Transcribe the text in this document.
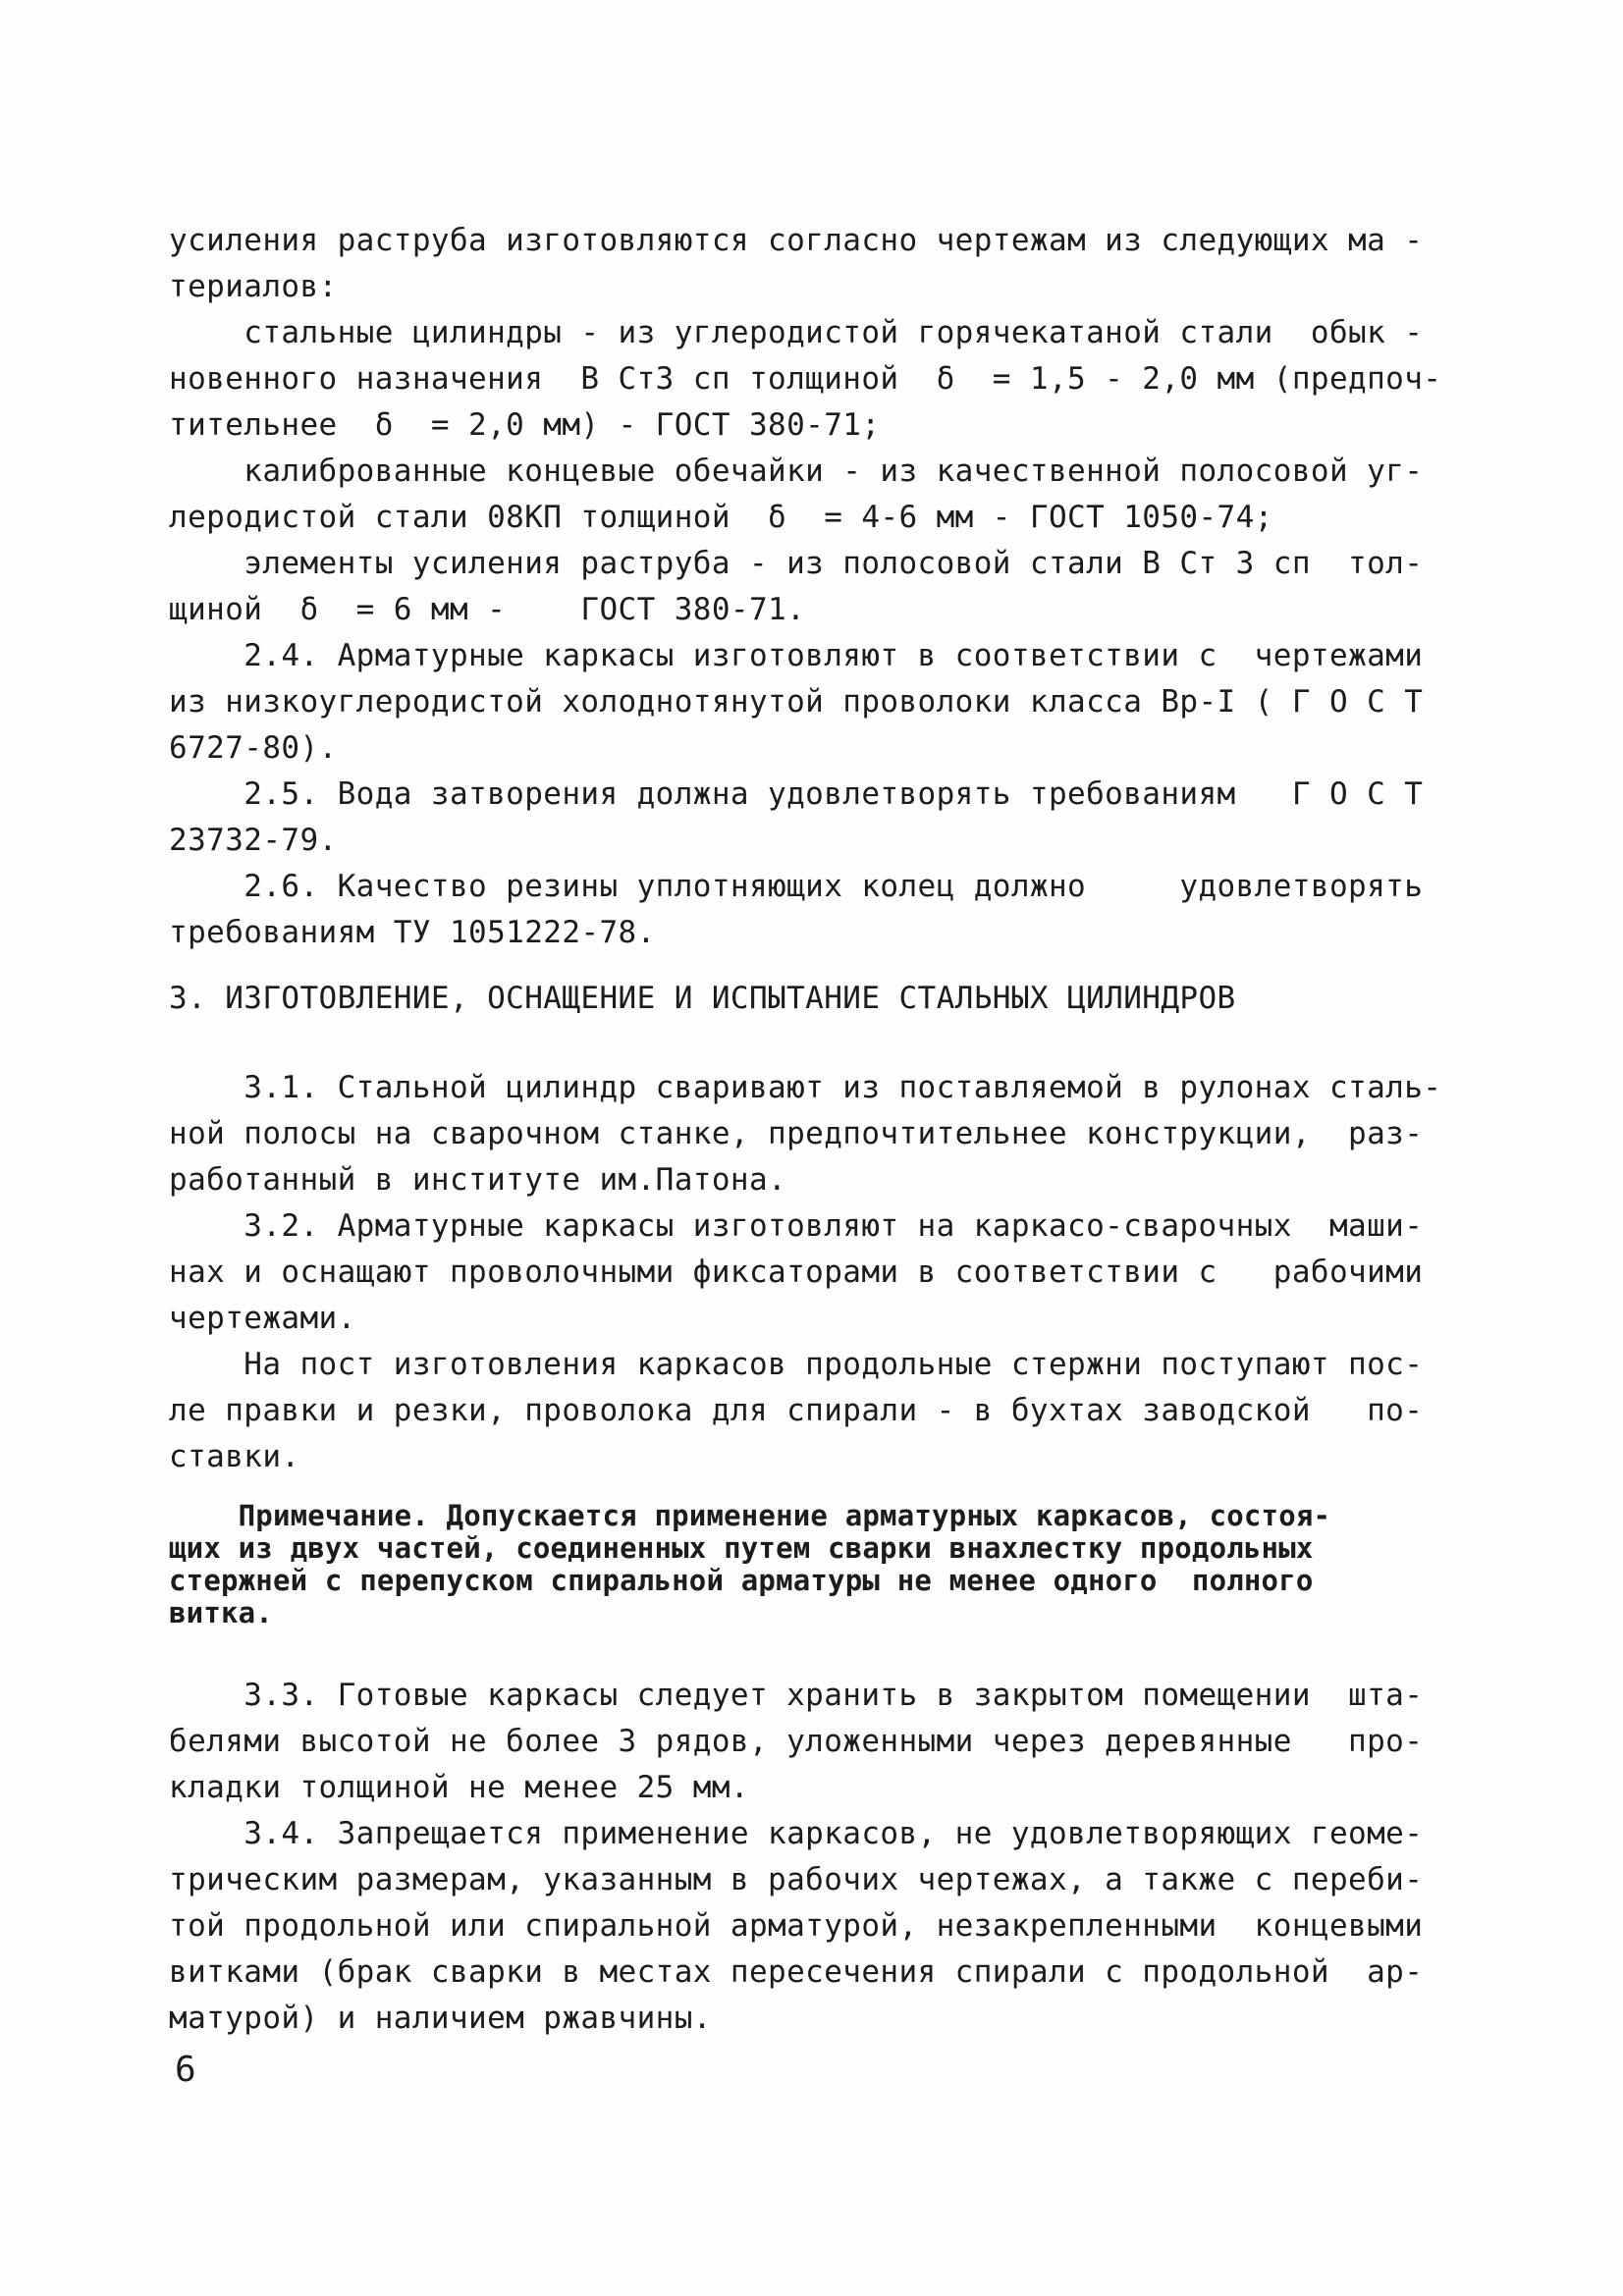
усиления раструба изготовляются согласно чертежам из следующих ма -
териалов:
стальные цилиндры - из углеродистой горячекатаной стали  обык -
новенного назначения  В Ст3 сп толщиной  δ  = 1,5 - 2,0 мм (предпоч-
тительнее  δ  = 2,0 мм) - ГОСТ 380-71;
калиброванные концевые обечайки - из качественной полосовой уг-
леродистой стали 08КП толщиной  δ  = 4-6 мм - ГОСТ 1050-74;
элементы усиления раструба - из полосовой стали В Ст 3 сп  тол-
щиной  δ  = 6 мм -    ГОСТ 380-71.
2.4. Арматурные каркасы изготовляют в соответствии с  чертежами
из низкоуглеродистой холоднотянутой проволоки класса Вр-I ( Г О С Т
6727-80).
2.5. Вода затворения должна удовлетворять требованиям   Г О С Т
23732-79.
2.6. Качество резины уплотняющих колец должно     удовлетворять
требованиям ТУ 1051222-78.
3. ИЗГОТОВЛЕНИЕ, ОСНАЩЕНИЕ И ИСПЫТАНИЕ СТАЛЬНЫХ ЦИЛИНДРОВ
3.1. Стальной цилиндр сваривают из поставляемой в рулонах сталь-
ной полосы на сварочном станке, предпочтительнее конструкции,  раз-
работанный в институте им.Патона.
3.2. Арматурные каркасы изготовляют на каркасо-сварочных  маши-
нах и оснащают проволочными фиксаторами в соответствии с   рабочими
чертежами.
На пост изготовления каркасов продольные стержни поступают пос-
ле правки и резки, проволока для спирали - в бухтах заводской   по-
ставки.
Примечание. Допускается применение арматурных каркасов, состоя-
щих из двух частей, соединенных путем сварки внахлестку продольных
стержней с перепуском спиральной арматуры не менее одного  полного
витка.
3.3. Готовые каркасы следует хранить в закрытом помещении  шта-
белями высотой не более 3 рядов, уложенными через деревянные   про-
кладки толщиной не менее 25 мм.
3.4. Запрещается применение каркасов, не удовлетворяющих геоме-
трическим размерам, указанным в рабочих чертежах, а также с переби-
той продольной или спиральной арматурой, незакрепленными  концевыми
витками (брак сварки в местах пересечения спирали с продольной  ар-
матурой) и наличием ржавчины.
6
